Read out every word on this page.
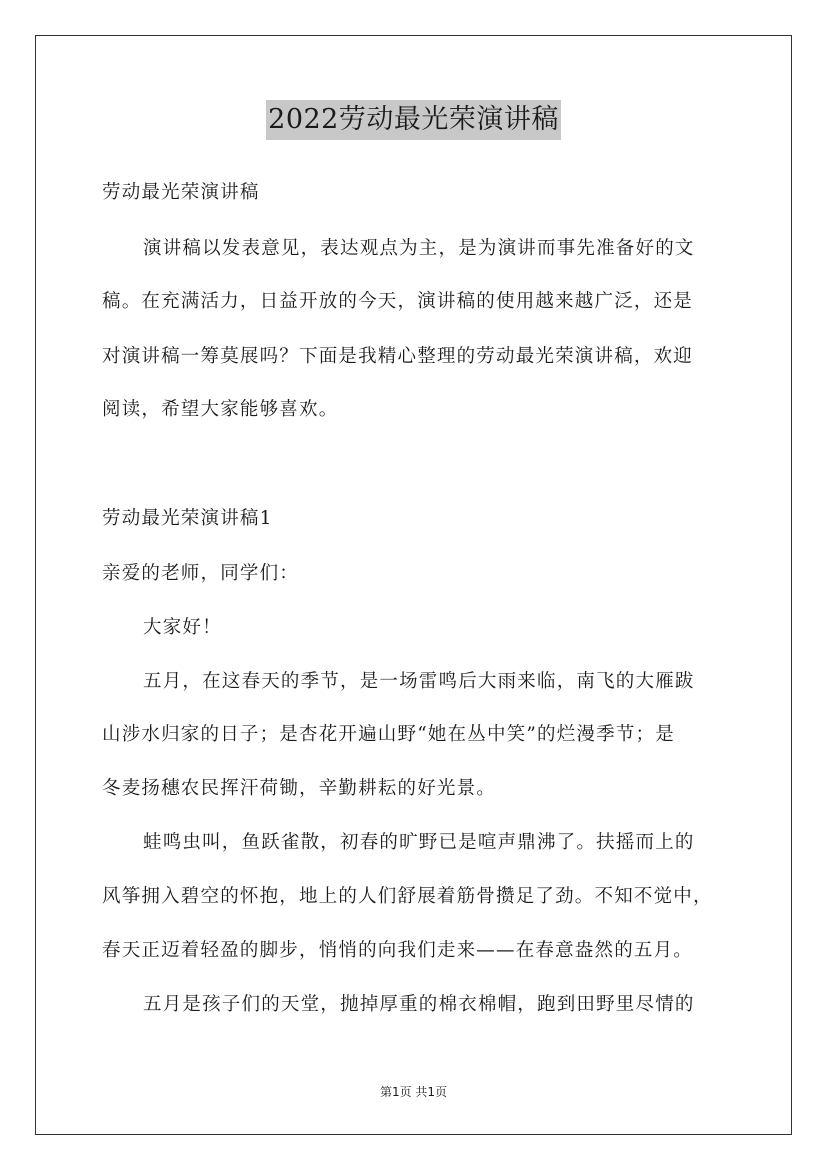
2022劳动最光荣演讲稿
劳动最光荣演讲稿
演讲稿以发表意见，表达观点为主，是为演讲而事先准备好的文
稿。在充满活力，日益开放的今天，演讲稿的使用越来越广泛，还是
对演讲稿一筹莫展吗？下面是我精心整理的劳动最光荣演讲稿，欢迎
阅读，希望大家能够喜欢。
劳动最光荣演讲稿1
亲爱的老师，同学们：
大家好！
五月，在这春天的季节，是一场雷鸣后大雨来临，南飞的大雁跋
山涉水归家的日子；是杏花开遍山野“她在丛中笑”的烂漫季节；是
冬麦扬穗农民挥汗荷锄，辛勤耕耘的好光景。
蛙鸣虫叫，鱼跃雀散，初春的旷野已是喧声鼎沸了。扶摇而上的
风筝拥入碧空的怀抱，地上的人们舒展着筋骨攒足了劲。不知不觉中，
春天正迈着轻盈的脚步，悄悄的向我们走来——在春意盎然的五月。
五月是孩子们的天堂，抛掉厚重的棉衣棉帽，跑到田野里尽情的
第1页 共1页
